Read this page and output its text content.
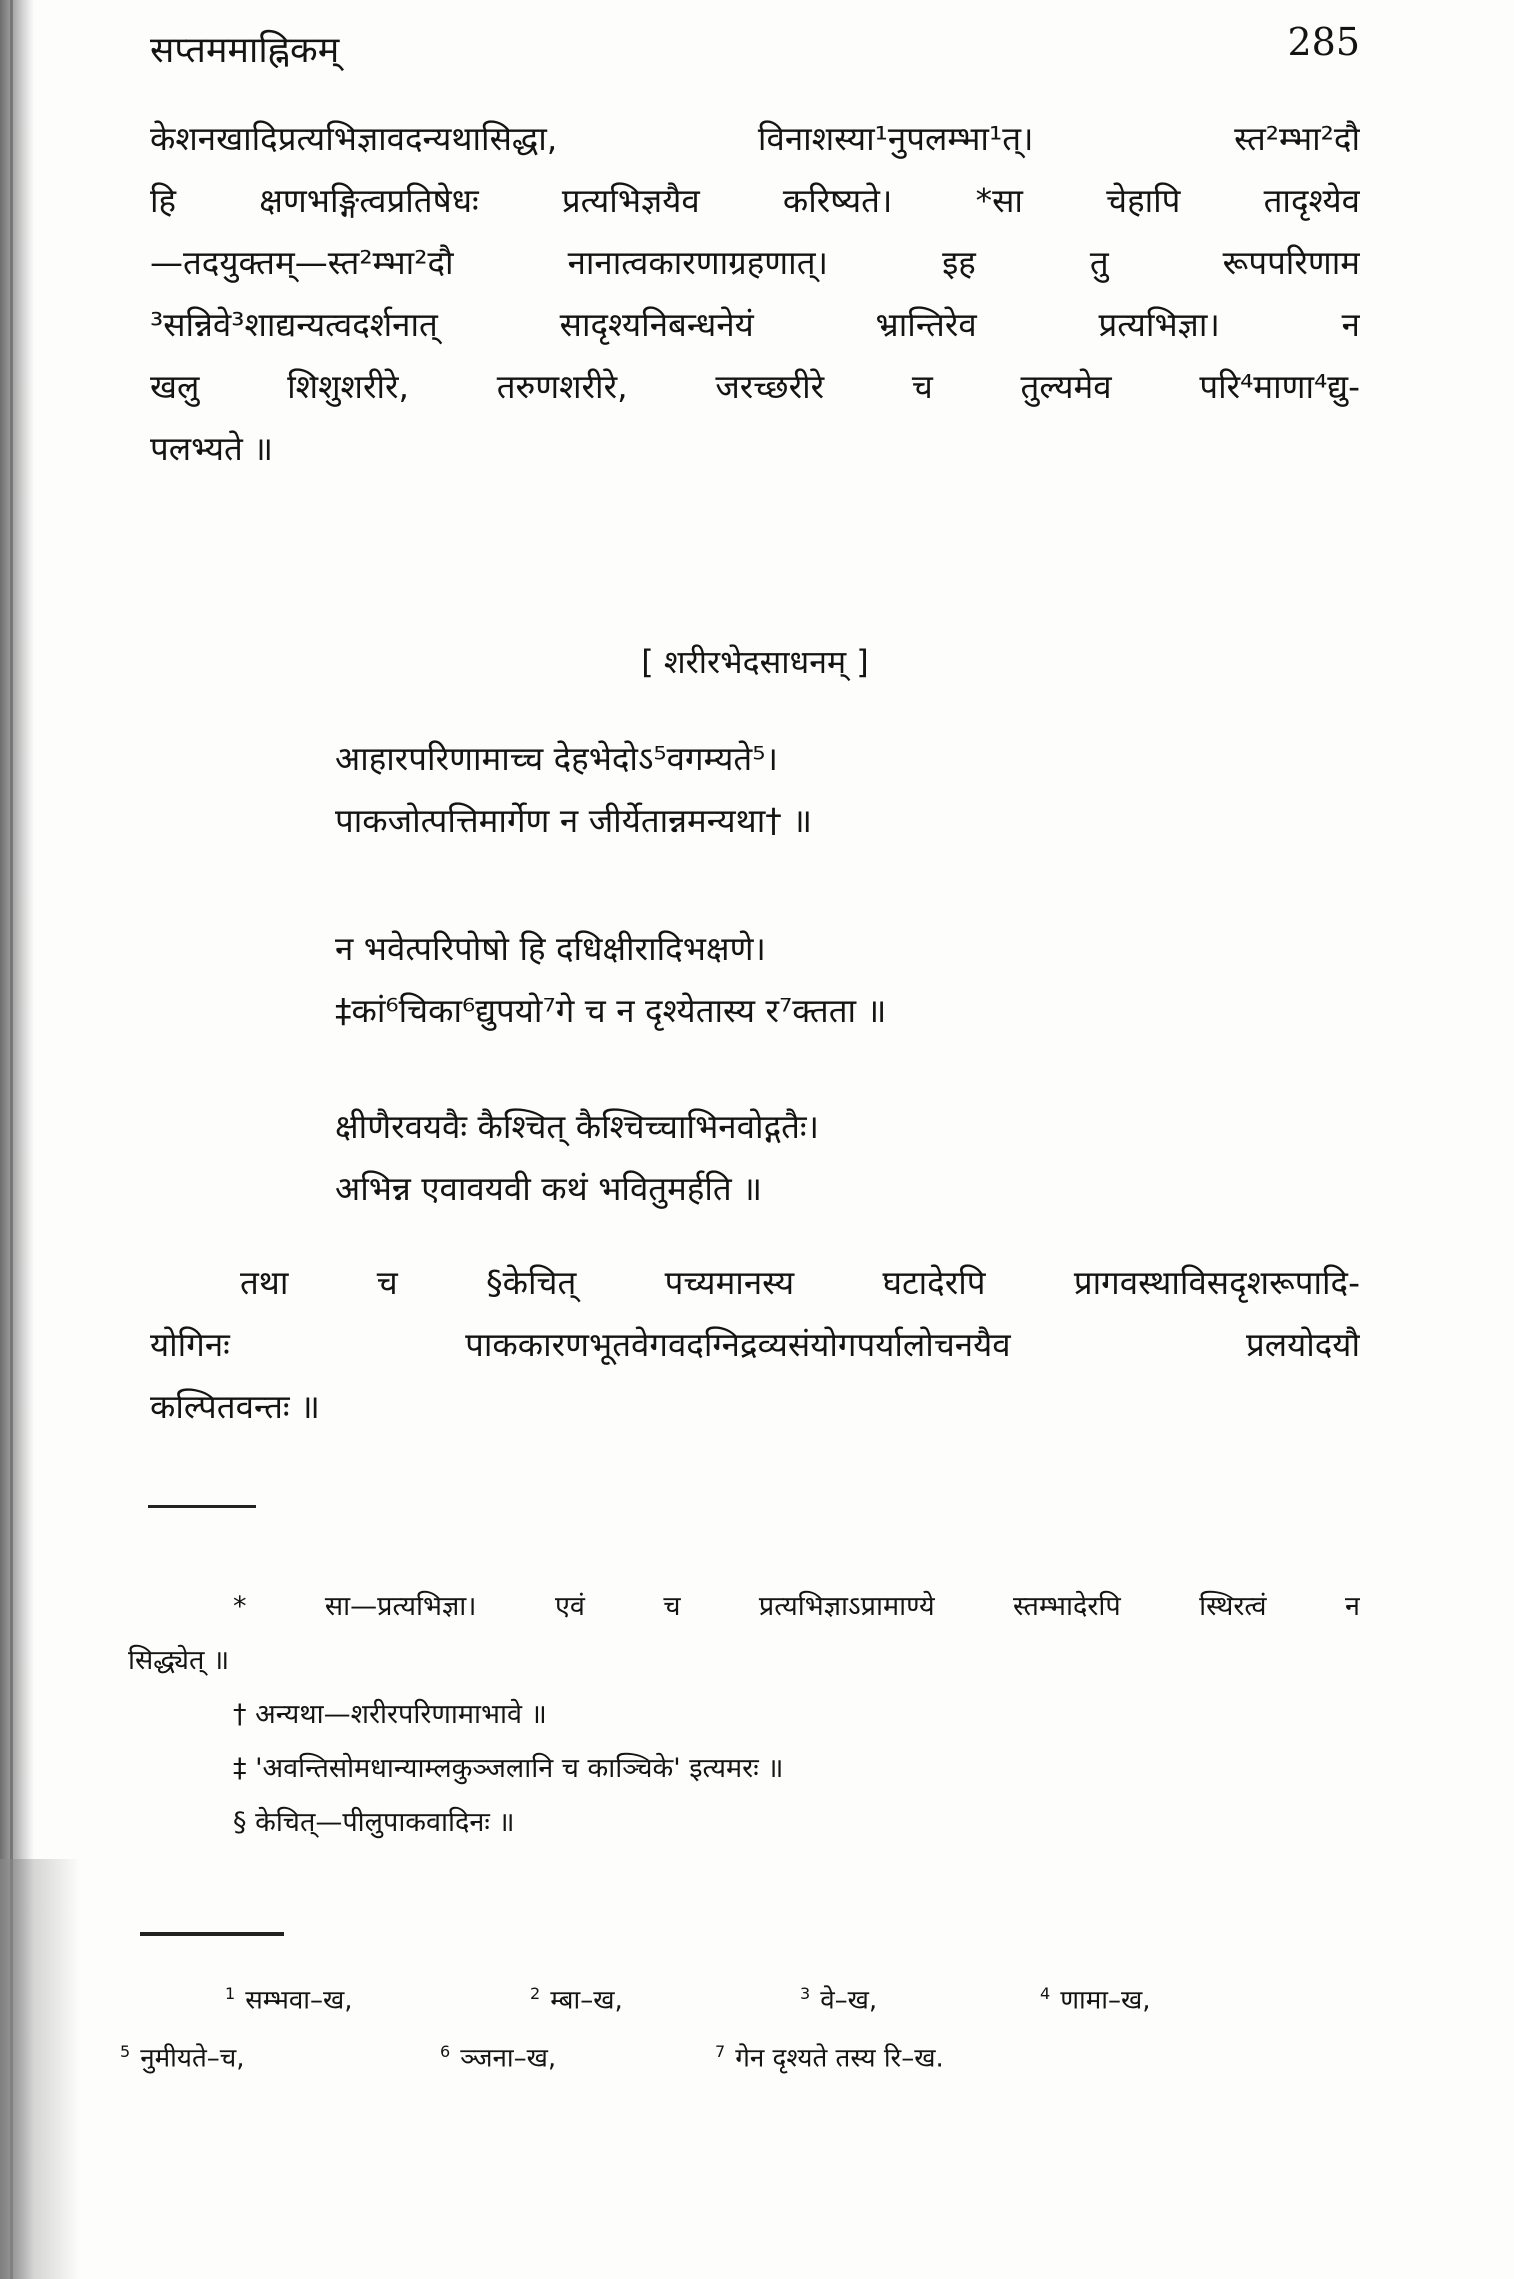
सप्तममाह्निकम्	285
केशनखादिप्रत्यभिज्ञावदन्यथासिद्धा, विनाशस्या¹नुपलम्भा¹त्। स्त²म्भा²दौ
हि क्षणभङ्गित्वप्रतिषेधः प्रत्यभिज्ञयैव करिष्यते। *सा चेहापि तादृश्येव
—तदयुक्तम्—स्त²म्भा²दौ नानात्वकारणाग्रहणात्। इह तु रूपपरिणाम
³सन्निवे³शाद्यन्यत्वदर्शनात् सादृश्यनिबन्धनेयं भ्रान्तिरेव प्रत्यभिज्ञा। न
खलु शिशुशरीरे, तरुणशरीरे, जरच्छरीरे च तुल्यमेव परि⁴माणा⁴द्यु-
पलभ्यते ॥
[ शरीरभेदसाधनम् ]
आहारपरिणामाच्च देहभेदोऽ⁵वगम्यते⁵।
पाकजोत्पत्तिमार्गेण न जीर्येतान्नमन्यथा† ॥
न भवेत्परिपोषो हि दधिक्षीरादिभक्षणे।
‡कां⁶चिका⁶द्युपयो⁷गे च न दृश्येतास्य र⁷क्तता ॥
क्षीणैरवयवैः कैश्चित् कैश्चिच्चाभिनवोद्गतैः।
अभिन्न एवावयवी कथं भवितुमर्हति ॥
तथा च §केचित् पच्यमानस्य घटादेरपि प्रागवस्थाविसदृशरूपादि-
योगिनः पाककारणभूतवेगवदग्निद्रव्यसंयोगपर्यालोचनयैव प्रलयोदयौ
कल्पितवन्तः ॥
* सा—प्रत्यभिज्ञा। एवं च प्रत्यभिज्ञाऽप्रामाण्ये स्तम्भादेरपि स्थिरत्वं न
सिद्ध्येत् ॥
† अन्यथा—शरीरपरिणामाभावे ॥
‡ 'अवन्तिसोमधान्याम्लकुञ्जलानि च काञ्चिके' इत्यमरः ॥
§ केचित्—पीलुपाकवादिनः ॥
$^1$ सम्भवा–ख,	$^2$ म्बा–ख,	$^3$ वे–ख,	$^4$ णामा–ख,
$^5$ नुमीयते–च,	$^6$ ञ्जना–ख,	$^7$ गेन दृश्यते तस्य रि–ख.
